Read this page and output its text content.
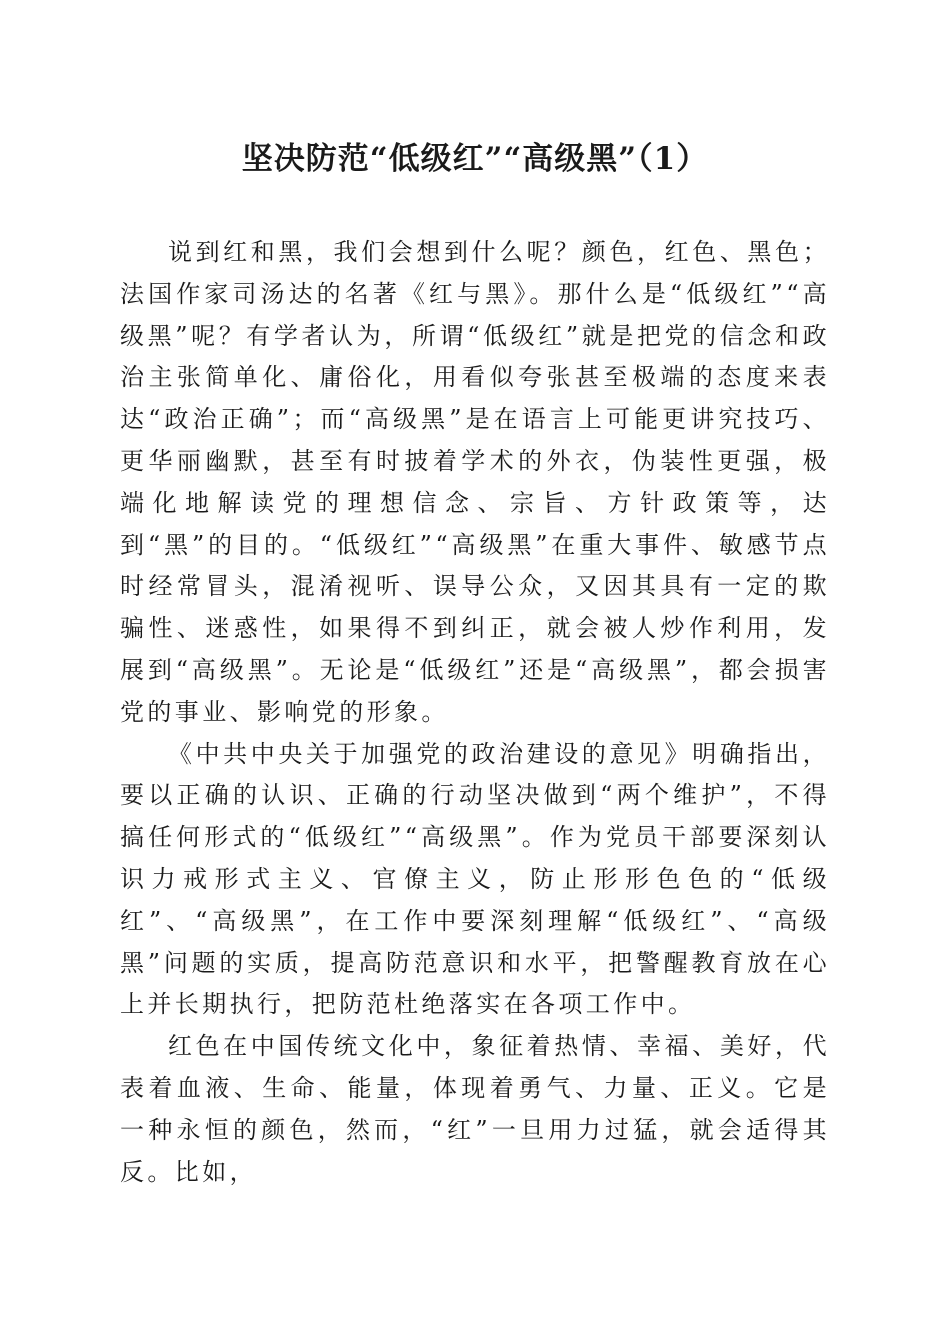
坚决防范“低级红”“高级黑”（1）

说到红和黑，我们会想到什么呢？颜色，红色、黑色；法国作家司汤达的名著《红与黑》。那什么是“低级红”“高级黑”呢？有学者认为，所谓“低级红”就是把党的信念和政治主张简单化、庸俗化，用看似夸张甚至极端的态度来表达“政治正确”；而“高级黑”是在语言上可能更讲究技巧、更华丽幽默，甚至有时披着学术的外衣，伪装性更强，极端化地解读党的理想信念、宗旨、方针政策等，达到“黑”的目的。“低级红”“高级黑”在重大事件、敏感节点时经常冒头，混淆视听、误导公众，又因其具有一定的欺骗性、迷惑性，如果得不到纠正，就会被人炒作利用，发展到“高级黑”。无论是“低级红”还是“高级黑”，都会损害党的事业、影响党的形象。

《中共中央关于加强党的政治建设的意见》明确指出，要以正确的认识、正确的行动坚决做到“两个维护”，不得搞任何形式的“低级红”“高级黑”。作为党员干部要深刻认识力戒形式主义、官僚主义，防止形形色色的“低级红”、“高级黑”，在工作中要深刻理解“低级红”、“高级黑”问题的实质，提高防范意识和水平，把警醒教育放在心上并长期执行，把防范杜绝落实在各项工作中。

红色在中国传统文化中，象征着热情、幸福、美好，代表着血液、生命、能量，体现着勇气、力量、正义。它是一种永恒的颜色，然而，“红”一旦用力过猛，就会适得其反。比如，
